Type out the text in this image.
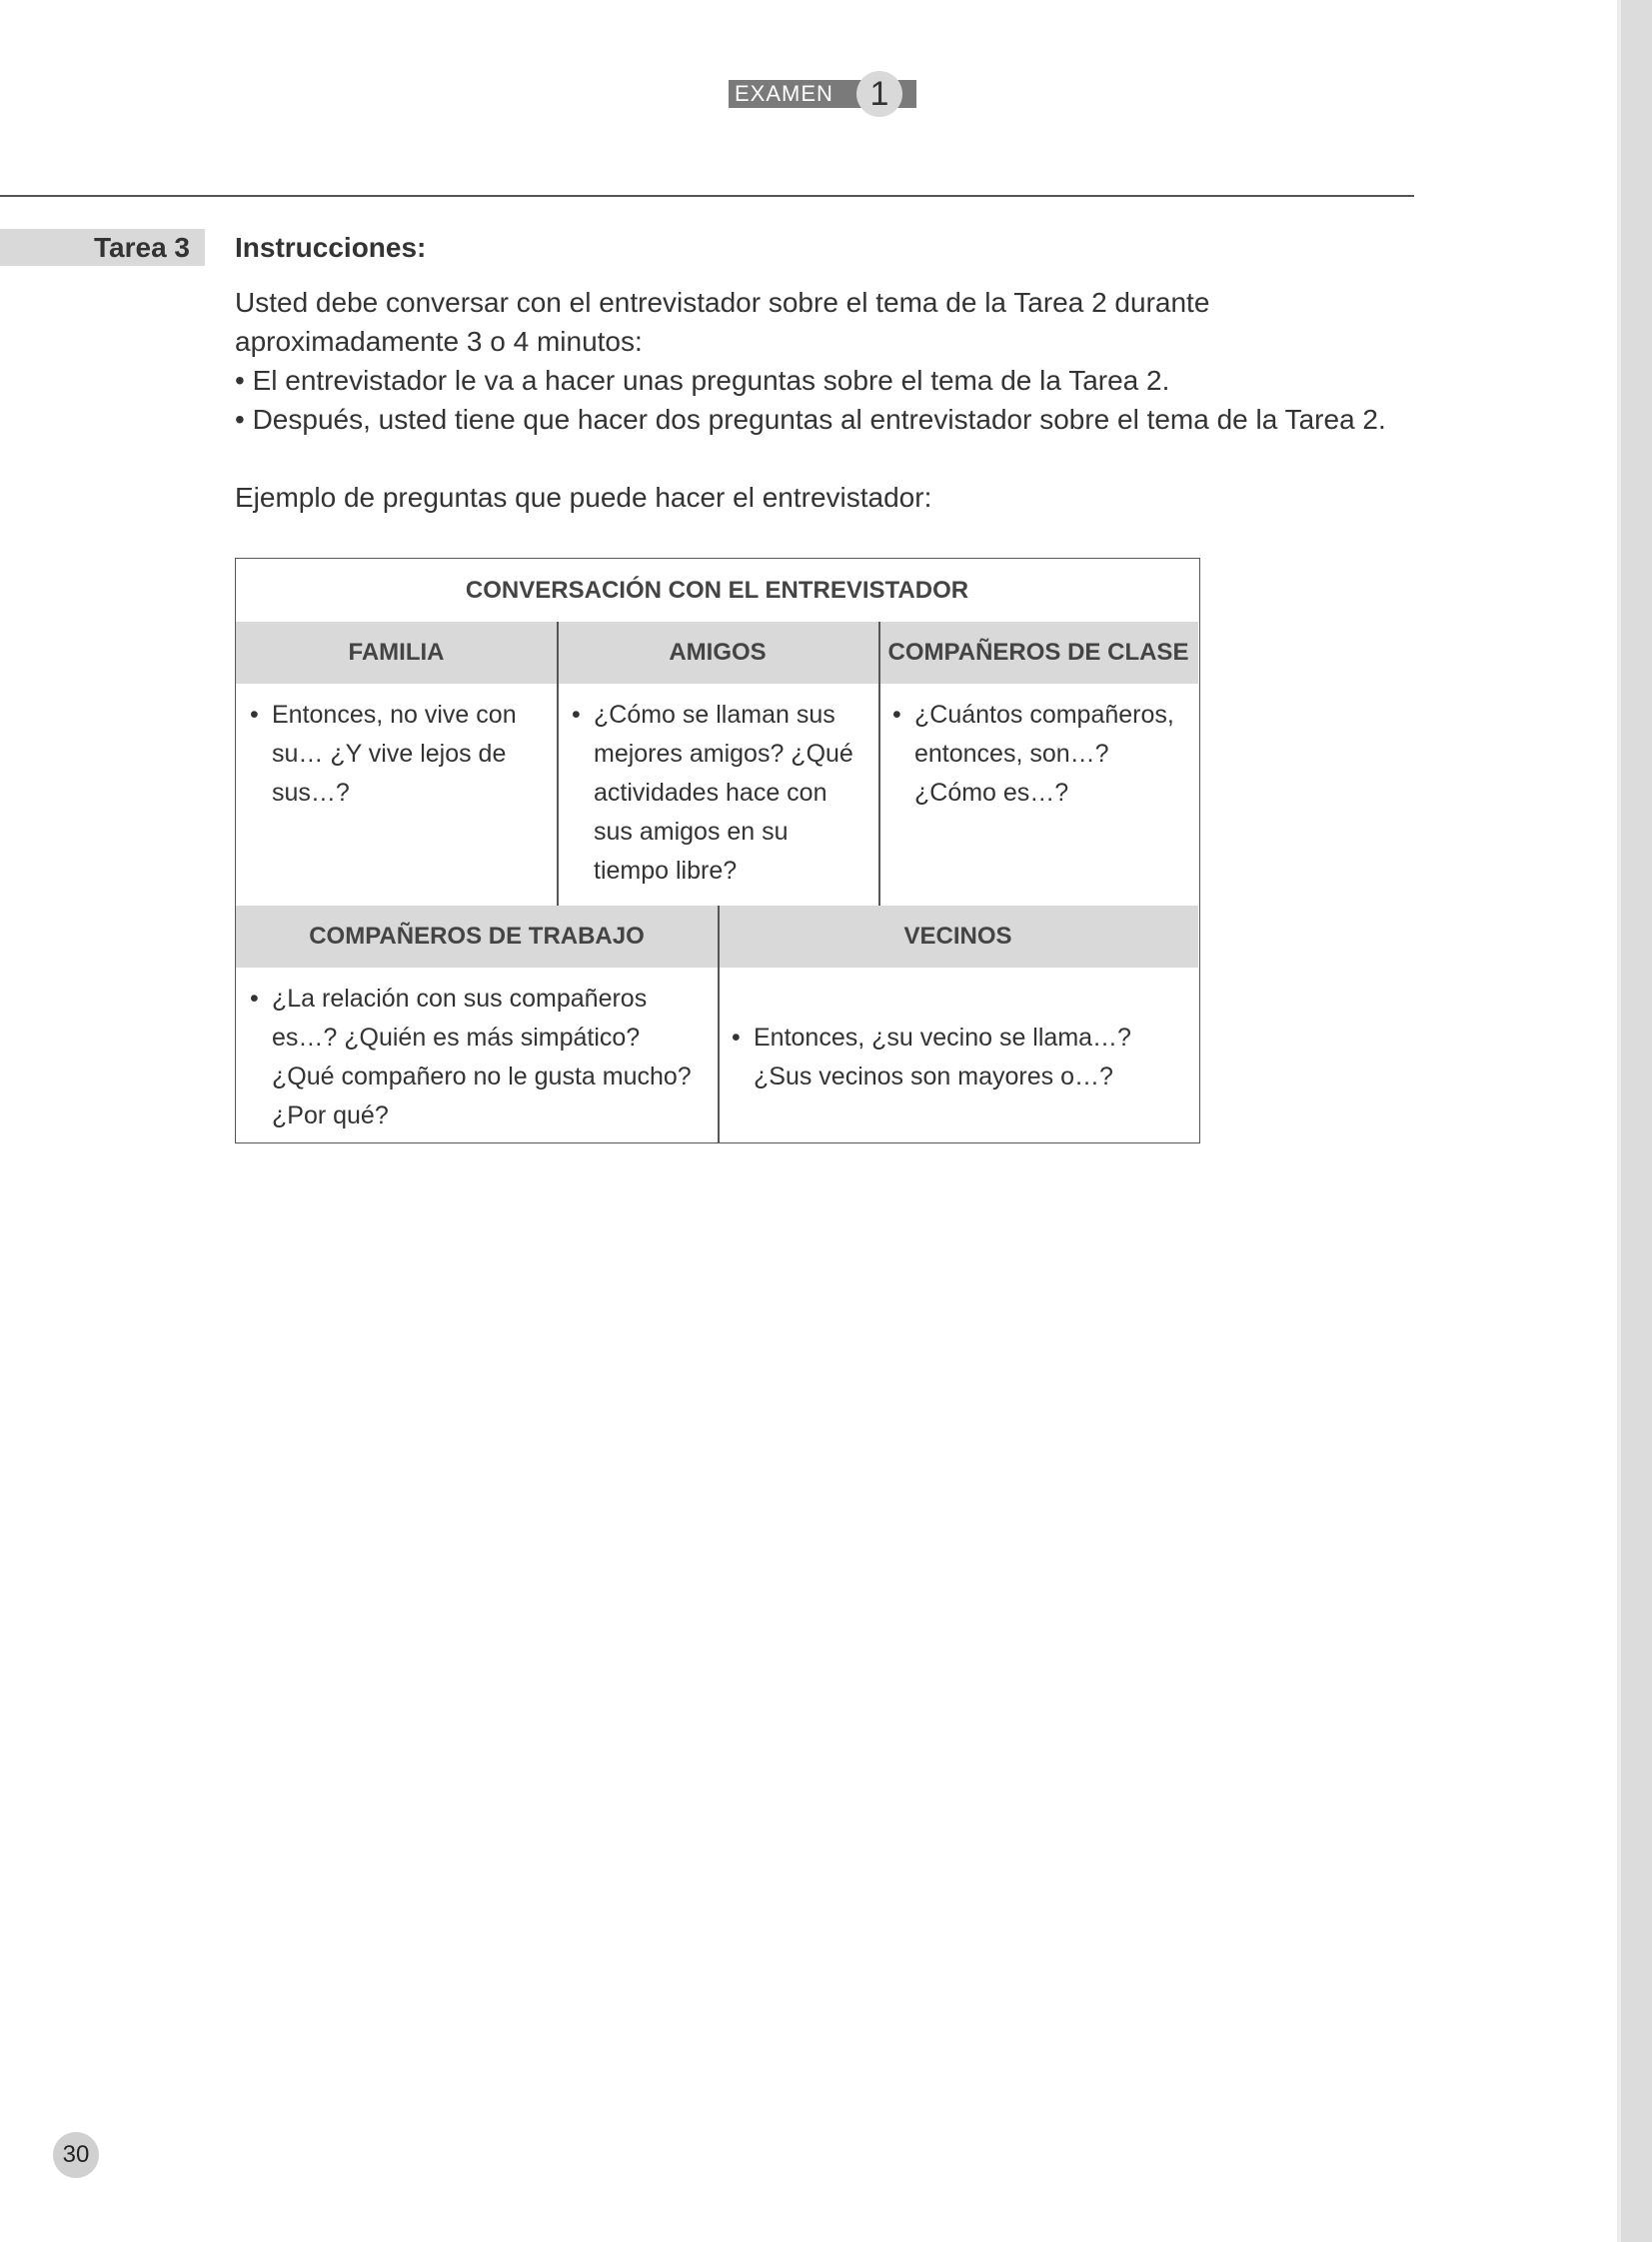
EXAMEN	1
Tarea 3 Instrucciones:

Usted debe conversar con el entrevistador sobre el tema de la Tarea 2 durante

aproximadamente 3 o 4 minutos:

• El entrevistador le va a hacer unas preguntas sobre el tema de la Tarea 2.

• Después, usted tiene que hacer dos preguntas al entrevistador sobre el tema de la Tarea 2.

Ejemplo de preguntas que puede hacer el entrevistador:
CONVERSACIÓN CON EL ENTREVISTADOR
FAMILIA	AMIGOS	COMPAÑEROS DE CLASE
• Entonces, no vive con su… ¿Y vive lejos de sus…?
• ¿Cómo se llaman sus mejores amigos? ¿Qué actividades hace con sus amigos en su tiempo libre?
• ¿Cuántos compañeros, entonces, son…? ¿Cómo es…?
COMPAÑEROS DE TRABAJO	VECINOS
• ¿La relación con sus compañeros es…? ¿Quién es más simpático? ¿Qué compañero no le gusta mucho? ¿Por qué?
• Entonces, ¿su vecino se llama…? ¿Sus vecinos son mayores o…?
30
